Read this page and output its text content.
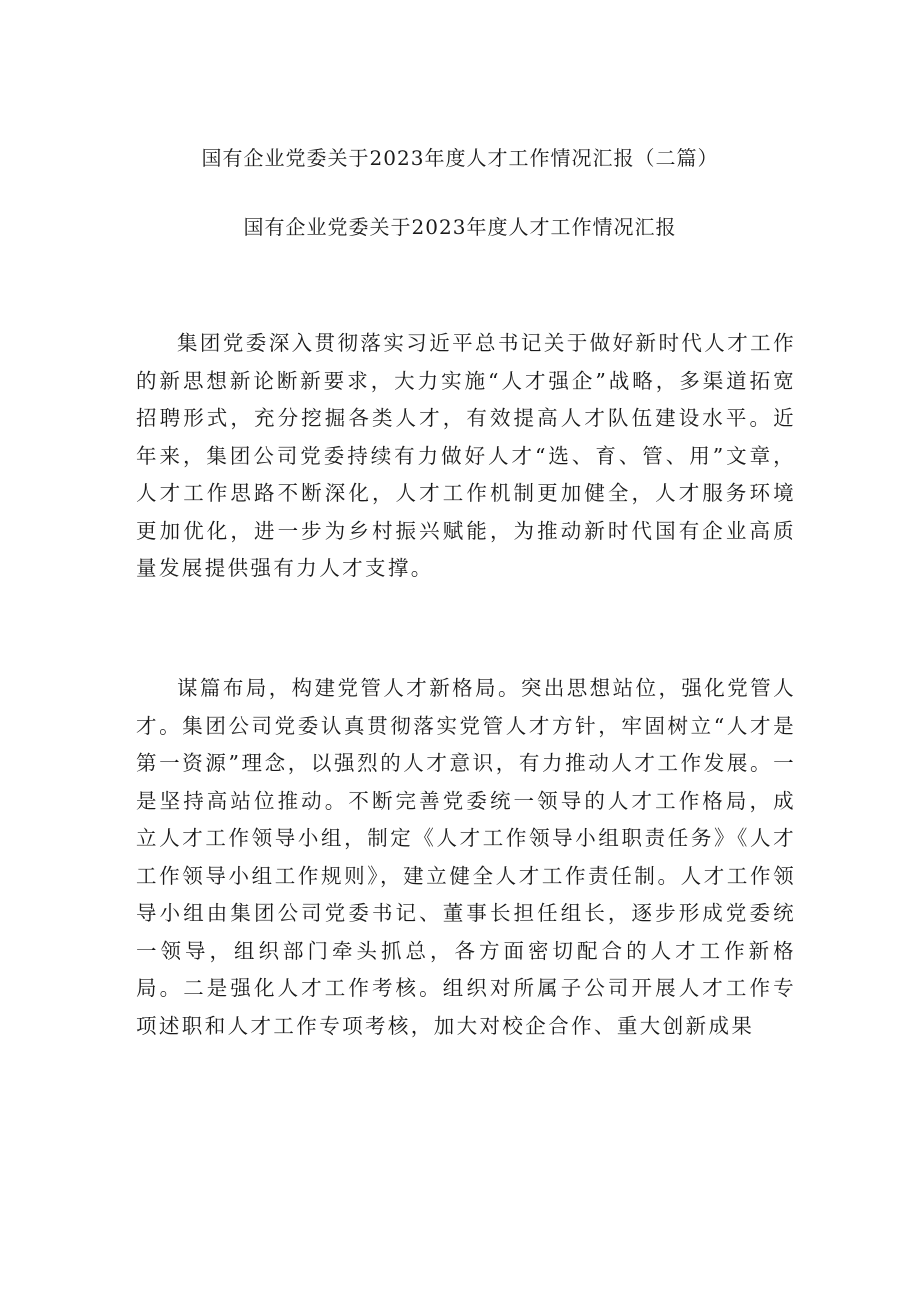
国有企业党委关于2023年度人才工作情况汇报（二篇）
国有企业党委关于2023年度人才工作情况汇报

集团党委深入贯彻落实习近平总书记关于做好新时代人才工作的新思想新论断新要求，大力实施“人才强企”战略，多渠道拓宽招聘形式，充分挖掘各类人才，有效提高人才队伍建设水平。近年来，集团公司党委持续有力做好人才“选、育、管、用”文章，人才工作思路不断深化，人才工作机制更加健全，人才服务环境更加优化，进一步为乡村振兴赋能，为推动新时代国有企业高质量发展提供强有力人才支撑。

谋篇布局，构建党管人才新格局。突出思想站位，强化党管人才。集团公司党委认真贯彻落实党管人才方针，牢固树立“人才是第一资源”理念，以强烈的人才意识，有力推动人才工作发展。一是坚持高站位推动。不断完善党委统一领导的人才工作格局，成立人才工作领导小组，制定《人才工作领导小组职责任务》《人才工作领导小组工作规则》，建立健全人才工作责任制。人才工作领导小组由集团公司党委书记、董事长担任组长，逐步形成党委统一领导，组织部门牵头抓总，各方面密切配合的人才工作新格局。二是强化人才工作考核。组织对所属子公司开展人才工作专项述职和人才工作专项考核，加大对校企合作、重大创新成果
